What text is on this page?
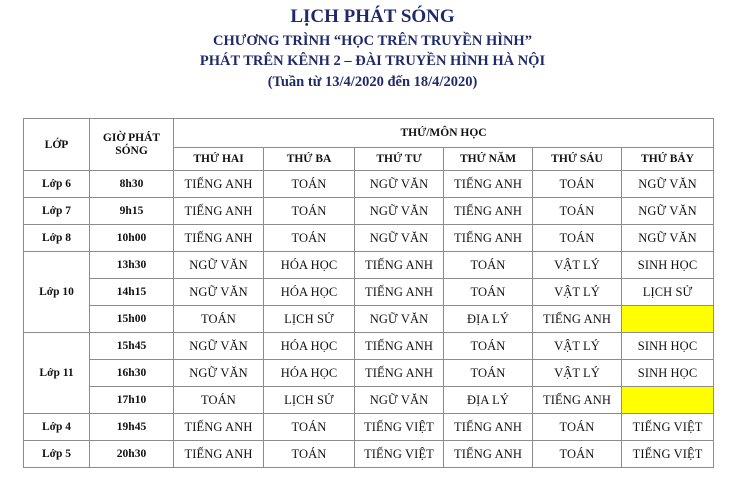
LỊCH PHÁT SÓNG
CHƯƠNG TRÌNH “HỌC TRÊN TRUYỀN HÌNH”
PHÁT TRÊN KÊNH 2 – ĐÀI TRUYỀN HÌNH HÀ NỘI
(Tuần từ 13/4/2020 đến 18/4/2020)
LỚP	GIỜ PHÁT SÓNG	THỨ/MÔN HỌC					
		THỨ HAI	THỨ BA	THỨ TƯ	THỨ NĂM	THỨ SÁU	THỨ BẢY
Lớp 6	8h30	TIẾNG ANH	TOÁN	NGỮ VĂN	TIẾNG ANH	TOÁN	NGỮ VĂN
Lớp 7	9h15	TIẾNG ANH	TOÁN	NGỮ VĂN	TIẾNG ANH	TOÁN	NGỮ VĂN
Lớp 8	10h00	TIẾNG ANH	TOÁN	NGỮ VĂN	TIẾNG ANH	TOÁN	NGỮ VĂN
Lớp 10	13h30	NGỮ VĂN	HÓA HỌC	TIẾNG ANH	TOÁN	VẬT LÝ	SINH HỌC
	14h15	NGỮ VĂN	HÓA HỌC	TIẾNG ANH	TOÁN	VẬT LÝ	LỊCH SỬ
	15h00	TOÁN	LỊCH SỬ	NGỮ VĂN	ĐỊA LÝ	TIẾNG ANH	
Lớp 11	15h45	NGỮ VĂN	HÓA HỌC	TIẾNG ANH	TOÁN	VẬT LÝ	SINH HỌC
	16h30	NGỮ VĂN	HÓA HỌC	TIẾNG ANH	TOÁN	VẬT LÝ	SINH HỌC
	17h10	TOÁN	LỊCH SỬ	NGỮ VĂN	ĐỊA LÝ	TIẾNG ANH	
Lớp 4	19h45	TIẾNG ANH	TOÁN	TIẾNG VIỆT	TIẾNG ANH	TOÁN	TIẾNG VIỆT
Lớp 5	20h30	TIẾNG ANH	TOÁN	TIẾNG VIỆT	TIẾNG ANH	TOÁN	TIẾNG VIỆT
